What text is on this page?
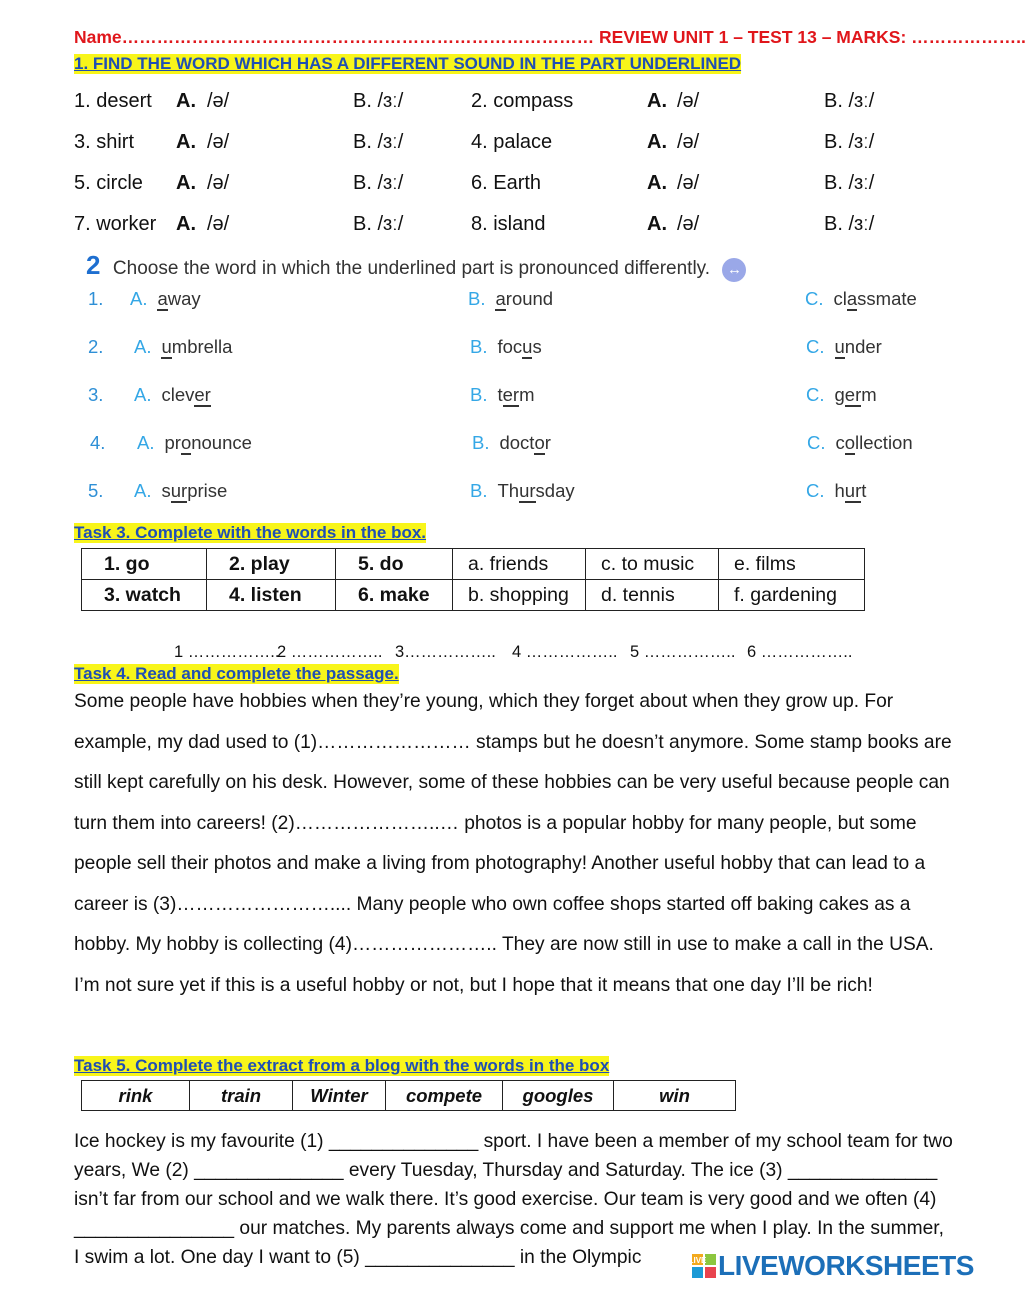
Name……………………………………………………………………… REVIEW UNIT 1 – TEST 13 – MARKS: ………………..
1. FIND THE WORD WHICH HAS A DIFFERENT SOUND IN THE PART UNDERLINED
1. desert A. /ə/	B. /ɜː/	2. compass	A. /ə/	B. /ɜː/
3. shirt A. /ə/	B. /ɜː/	4. palace	A. /ə/	B. /ɜː/
5. circle A. /ə/	B. /ɜː/	6. Earth	A. /ə/	B. /ɜː/
7. worker A. /ə/	B. /ɜː/	8. island	A. /ə/	B. /ɜː/
2 Choose the word in which the underlined part is pronounced differently. ↔
1. A. away	B. around	C. classmate
2. A. umbrella	B. focus	C. under
3. A. clever	B. term	C. germ
4. A. pronounce	B. doctor	C. collection
5. A. surprise	B. Thursday	C. hurt
Task 3. Complete with the words in the box.
1. go	2. play	5. do	a. friends	c. to music	e. films
3. watch	4. listen	6. make	b. shopping	d. tennis	f. gardening
1 ……………..
2 …………….. 3…………….. 4 …………….. 5 …………….. 6 ……………..
Task 4. Read and complete the passage.
Some people have hobbies when they’re young, which they forget about when they grow up. For example, my dad used to (1)…………………… stamps but he doesn’t anymore. Some stamp books are still kept carefully on his desk. However, some of these hobbies can be very useful because people can turn them into careers! (2)…………………..… photos is a popular hobby for many people, but some people sell their photos and make a living from photography! Another useful hobby that can lead to a career is (3)…………………….... Many people who own coffee shops started off baking cakes as a hobby. My hobby is collecting (4)………………….. They are now still in use to make a call in the USA. I’m not sure yet if this is a useful hobby or not, but I hope that it means that one day I’ll be rich!
Task 5. Complete the extract from a blog with the words in the box
rink	train	Winter	compete	googles	win
Ice hockey is my favourite (1) ______________ sport. I have been a member of my school team for two years, We (2) ______________ every Tuesday, Thursday and Saturday. The ice (3) ______________ isn’t far from our school and we walk there. It’s good exercise. Our team is very good and we often (4) _______________ our matches. My parents always come and support me when I play. In the summer, I swim a lot. One day I want to (5) ______________ in the Olympic	LIVE LIVEWORKSHEETS
